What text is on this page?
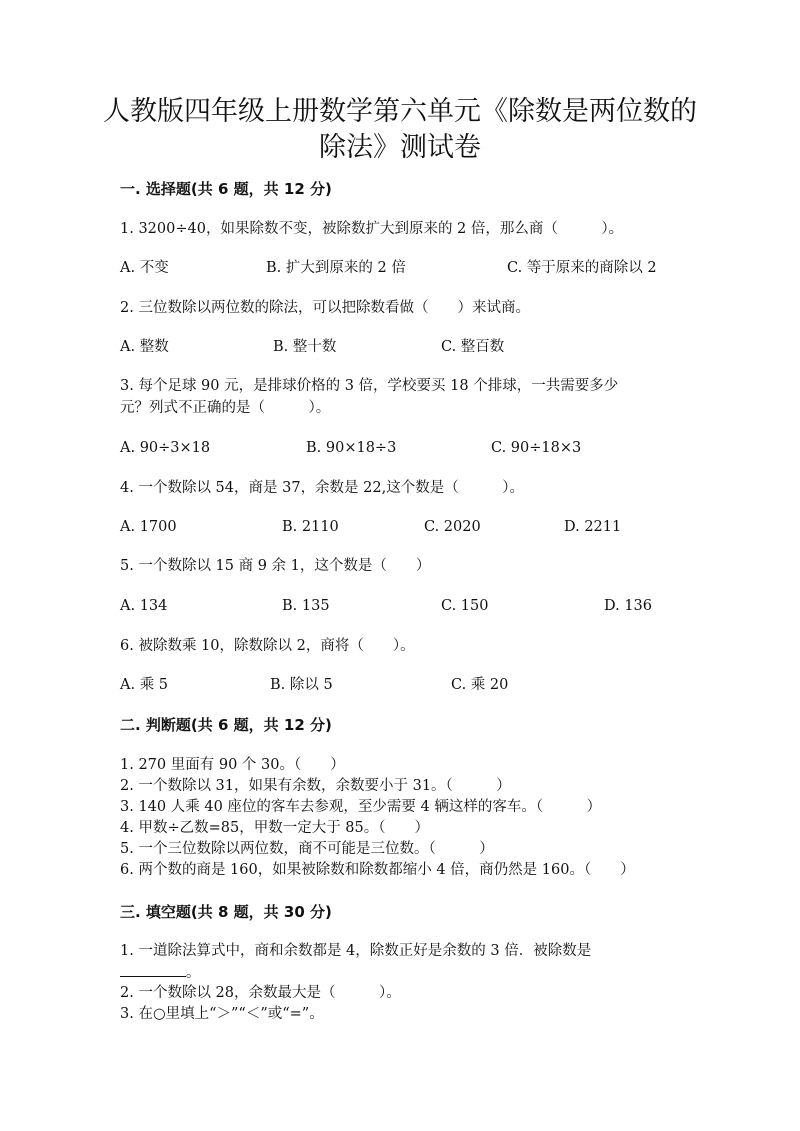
人教版四年级上册数学第六单元《除数是两位数的
除法》测试卷
一. 选择题(共 6 题，共 12 分)
1. 3200÷40，如果除数不变，被除数扩大到原来的 2 倍，那么商（　　　）。
A. 不变	B. 扩大到原来的 2 倍	C. 等于原来的商除以 2
2. 三位数除以两位数的除法，可以把除数看做（　　）来试商。
A. 整数	B. 整十数	C. 整百数
3. 每个足球 90 元，是排球价格的 3 倍，学校要买 18 个排球，一共需要多少
元？列式不正确的是（　　　）。
A. 90÷3×18	B. 90×18÷3	C. 90÷18×3
4. 一个数除以 54，商是 37，余数是 22,这个数是（　　　）。
A. 1700	B. 2110	C. 2020	D. 2211
5. 一个数除以 15 商 9 余 1，这个数是（　　）
A. 134	B. 135	C. 150	D. 136
6. 被除数乘 10，除数除以 2，商将（　　）。
A. 乘 5	B. 除以 5	C. 乘 20
二. 判断题(共 6 题，共 12 分)
1. 270 里面有 90 个 30。（　　）
2. 一个数除以 31，如果有余数，余数要小于 31。（　　　）
3. 140 人乘 40 座位的客车去参观，至少需要 4 辆这样的客车。（　　　）
4. 甲数÷乙数=85，甲数一定大于 85。（　　）
5. 一个三位数除以两位数，商不可能是三位数。（　　　）
6. 两个数的商是 160，如果被除数和除数都缩小 4 倍，商仍然是 160。（　　）
三. 填空题(共 8 题，共 30 分)
1. 一道除法算式中，商和余数都是 4，除数正好是余数的 3 倍．被除数是
。
2. 一个数除以 28，余数最大是（　　　）。
3. 在○里填上“＞”“＜”或“=”。
